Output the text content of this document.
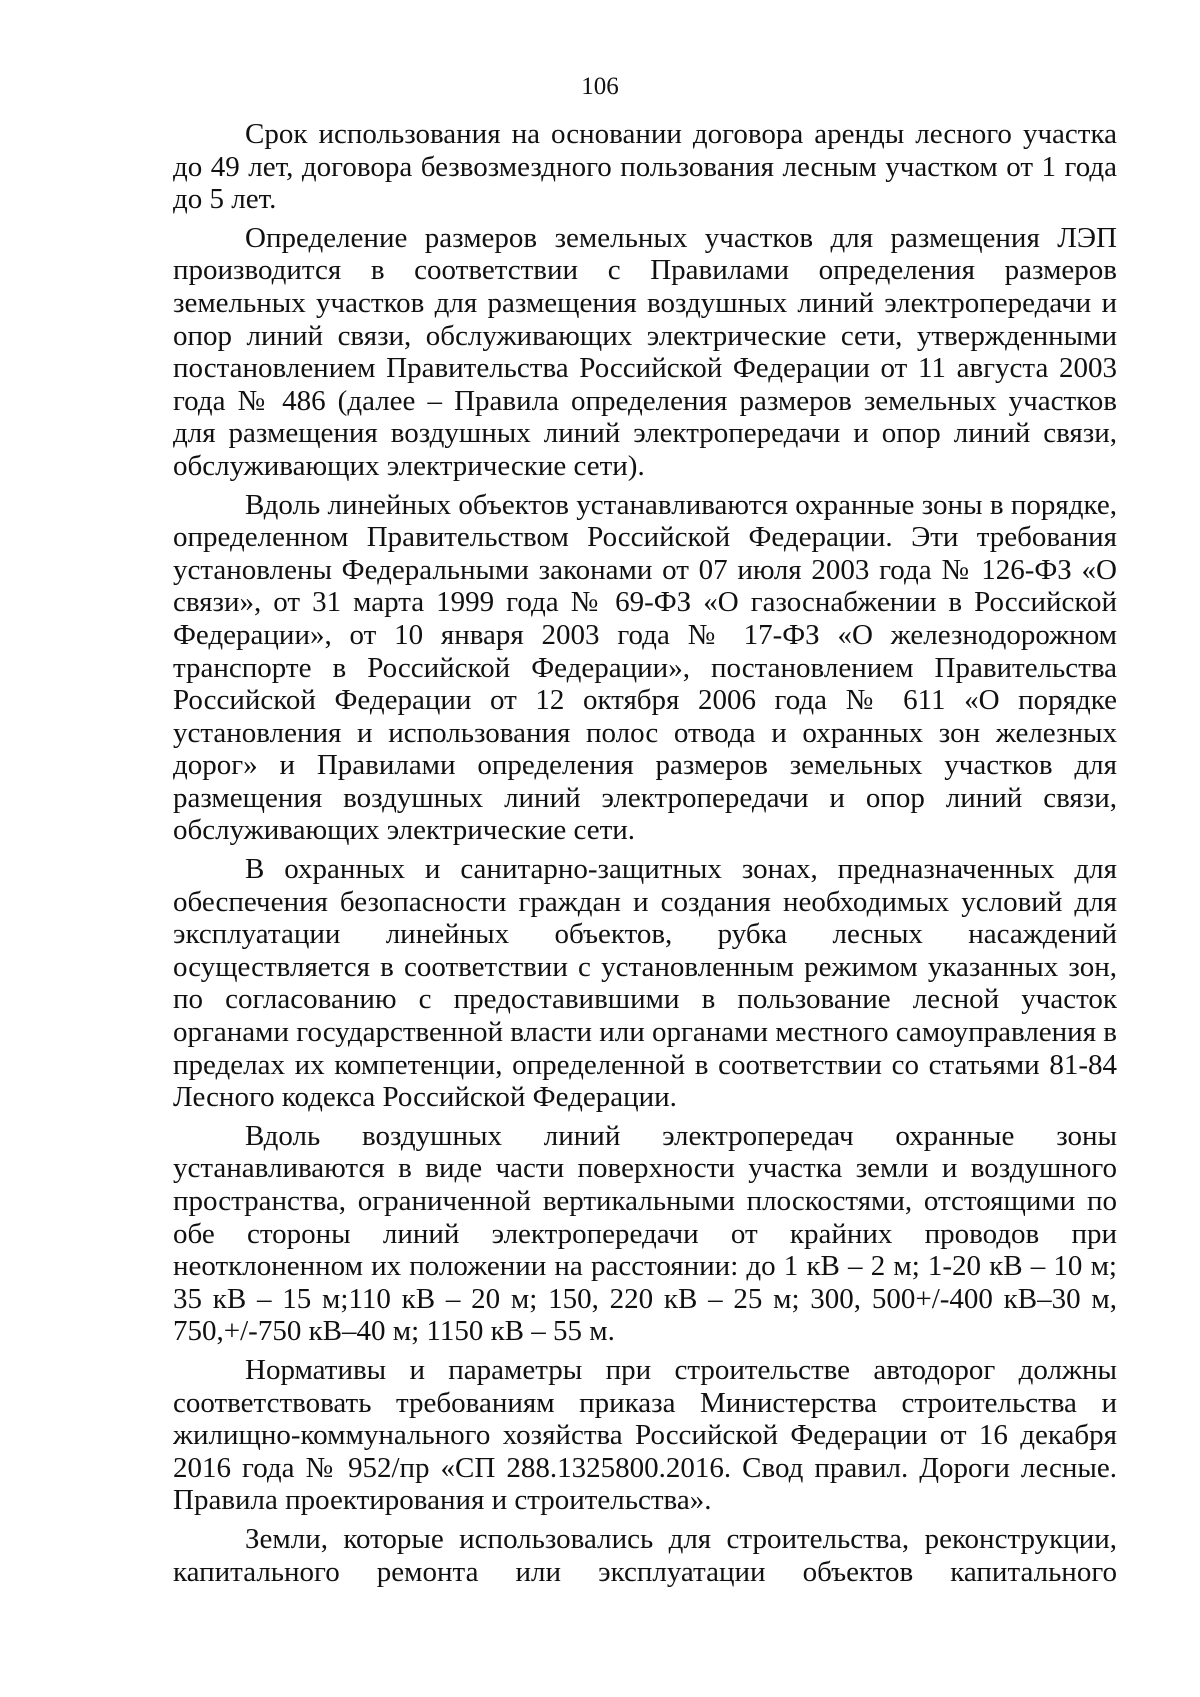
106

Срок использования на основании договора аренды лесного участка до 49 лет, договора безвозмездного пользования лесным участком от 1 года до 5 лет.

Определение размеров земельных участков для размещения ЛЭП производится в соответствии с Правилами определения размеров земельных участков для размещения воздушных линий электропередачи и опор линий связи, обслуживающих электрические сети, утвержденными постановлением Правительства Российской Федерации от 11 августа 2003 года № 486 (далее – Правила определения размеров земельных участков для размещения воздушных линий электропередачи и опор линий связи, обслуживающих электрические сети).

Вдоль линейных объектов устанавливаются охранные зоны в порядке, определенном Правительством Российской Федерации. Эти требования установлены Федеральными законами от 07 июля 2003 года № 126-ФЗ «О связи», от 31 марта 1999 года № 69-ФЗ «О газоснабжении в Российской Федерации», от 10 января 2003 года № 17-ФЗ «О железнодорожном транспорте в Российской Федерации», постановлением Правительства Российской Федерации от 12 октября 2006 года № 611 «О порядке установления и использования полос отвода и охранных зон железных дорог» и Правилами определения размеров земельных участков для размещения воздушных линий электропередачи и опор линий связи, обслуживающих электрические сети.

В охранных и санитарно-защитных зонах, предназначенных для обеспечения безопасности граждан и создания необходимых условий для эксплуатации линейных объектов, рубка лесных насаждений осуществляется в соответствии с установленным режимом указанных зон, по согласованию с предоставившими в пользование лесной участок органами государственной власти или органами местного самоуправления в пределах их компетенции, определенной в соответствии со статьями 81-84 Лесного кодекса Российской Федерации.

Вдоль воздушных линий электропередач охранные зоны устанавливаются в виде части поверхности участка земли и воздушного пространства, ограниченной вертикальными плоскостями, отстоящими по обе стороны линий электропередачи от крайних проводов при неотклоненном их положении на расстоянии: до 1 кВ – 2 м; 1-20 кВ – 10 м; 35 кВ – 15 м;110 кВ – 20 м; 150, 220 кВ – 25 м; 300, 500+/-400 кВ–30 м, 750,+/-750 кВ–40 м; 1150 кВ – 55 м.

Нормативы и параметры при строительстве автодорог должны соответствовать требованиям приказа Министерства строительства и жилищно-коммунального хозяйства Российской Федерации от 16 декабря 2016 года № 952/пр «СП 288.1325800.2016. Свод правил. Дороги лесные. Правила проектирования и строительства».

Земли, которые использовались для строительства, реконструкции, капитального ремонта или эксплуатации объектов капитального
